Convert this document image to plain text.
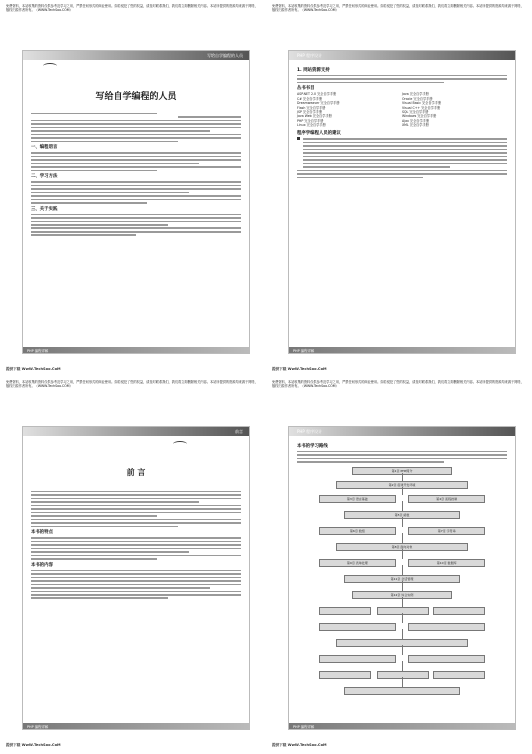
免费资料，本站收集的资料仅供参考及学习之用，严禁任何形式的商业使用。如若侵犯了您的权益，请及时联系我们，我们将立即删除相关内容。本站所提供的资源均来源于网络，版权归原作者所有。（WWW.TechSoo.COM）

写给自学编程的人员
写给自学编程的人员
一、编程语言
二、学习方法
三、关于实践
PHP 编程详解
提供下载 WwW.TechSoo.CoM

免费资料，本站收集的资料仅供参考及学习之用，严禁任何形式的商业使用。如若侵犯了您的权益，请及时联系我们，我们将立即删除相关内容。本站所提供的资源均来源于网络，版权归原作者所有。（WWW.TechSoo.COM）

PHP 程序设计
1. 网站资源支持
丛书书目
ASP.NET 2.0 完全自学手册	Java 完全自学手册
C# 完全自学手册	Oracle 完全自学手册
Dreamweaver 完全自学手册	Visual Basic 完全自学手册
Flash 完全自学手册	Visual C++ 完全自学手册
JSP 完全自学手册	SQL 完全自学手册
Java Web 完全自学手册	Windows 完全自学手册
PHP 完全自学手册	Ajax 完全自学手册
Linux 完全自学手册	XML 完全自学手册
程序学编程人员的建议
PHP 编程详解
提供下载 WwW.TechSoo.CoM

免费资料，本站收集的资料仅供参考及学习之用，严禁任何形式的商业使用。如若侵犯了您的权益，请及时联系我们，我们将立即删除相关内容。本站所提供的资源均来源于网络，版权归原作者所有。（WWW.TechSoo.COM）

前言
前 言
本书的特点
本书的内容
PHP 编程详解
提供下载 WwW.TechSoo.CoM

免费资料，本站收集的资料仅供参考及学习之用，严禁任何形式的商业使用。如若侵犯了您的权益，请及时联系我们，我们将立即删除相关内容。本站所提供的资源均来源于网络，版权归原作者所有。（WWW.TechSoo.COM）

PHP 程序设计
本书的学习路线
第1章 PHP简介
第2章 搭建开发环境
第3章 语言基础	第4章 流程控制
第5章 函数
第6章 数组	第7章 字符串
第8章 面向对象
第9章 表单处理	第10章 数据库
第11章 会话管理
第12章 综合实例
PHP 编程详解
提供下载 WwW.TechSoo.CoM
